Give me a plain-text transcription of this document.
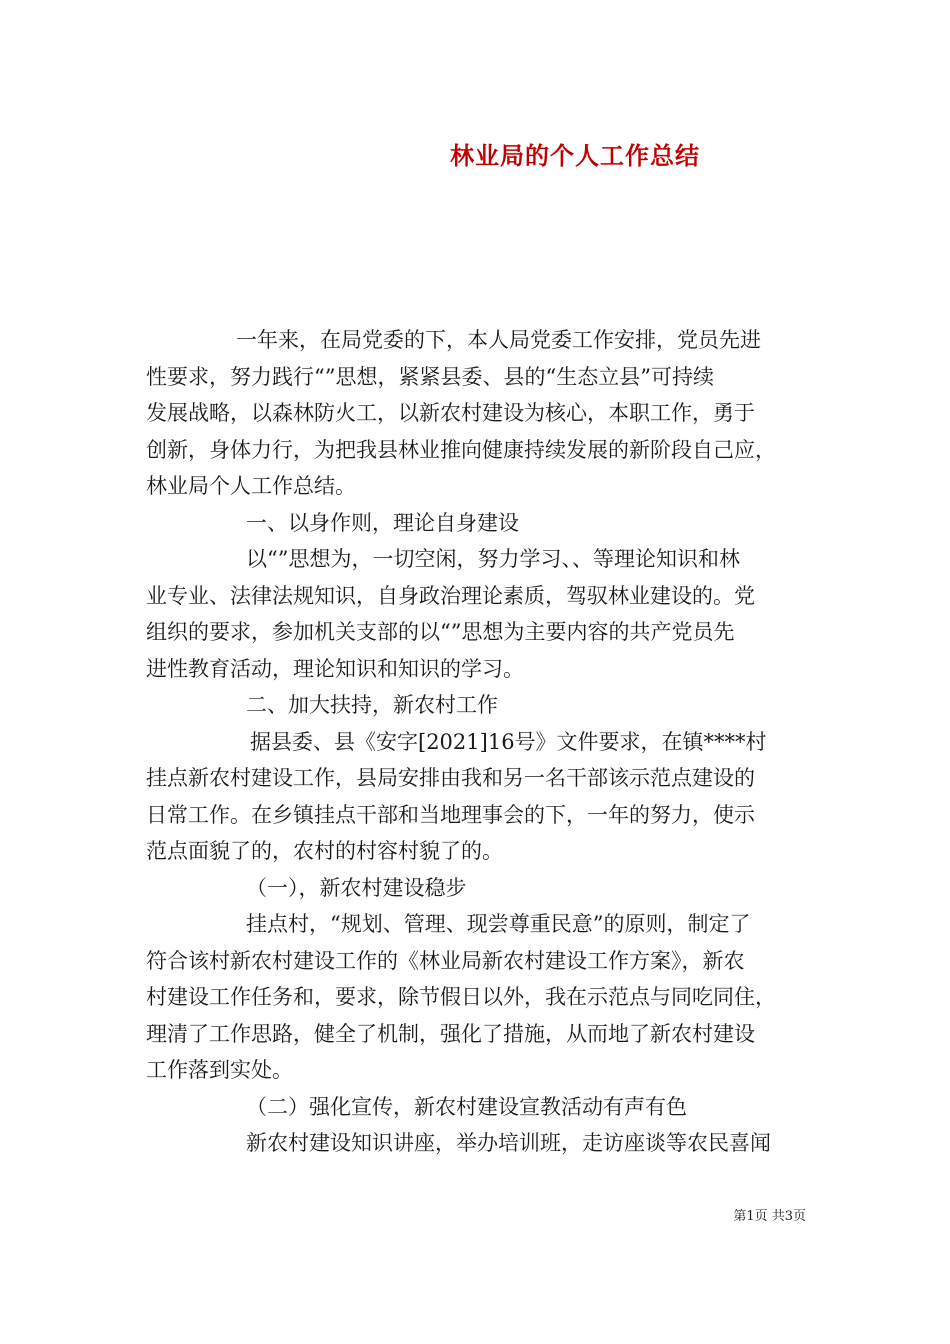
林业局的个人工作总结
一年来，在局党委的下，本人局党委工作安排，党员先进
性要求，努力践行“”思想，紧紧县委、县的“生态立县”可持续
发展战略，以森林防火工，以新农村建设为核心，本职工作，勇于
创新，身体力行，为把我县林业推向健康持续发展的新阶段自己应，
林业局个人工作总结。
一、以身作则，理论自身建设
以“”思想为，一切空闲，努力学习、、等理论知识和林
业专业、法律法规知识，自身政治理论素质，驾驭林业建设的。党
组织的要求，参加机关支部的以“”思想为主要内容的共产党员先
进性教育活动，理论知识和知识的学习。
二、加大扶持，新农村工作
据县委、县《安字[2021]16号》文件要求，在镇****村
挂点新农村建设工作，县局安排由我和另一名干部该示范点建设的
日常工作。在乡镇挂点干部和当地理事会的下，一年的努力，使示
范点面貌了的，农村的村容村貌了的。
（一），新农村建设稳步
挂点村，“规划、管理、现尝尊重民意”的原则，制定了
符合该村新农村建设工作的《林业局新农村建设工作方案》，新农
村建设工作任务和，要求，除节假日以外，我在示范点与同吃同住，
理清了工作思路，健全了机制，强化了措施，从而地了新农村建设
工作落到实处。
（二）强化宣传，新农村建设宣教活动有声有色
新农村建设知识讲座，举办培训班，走访座谈等农民喜闻
第1页 共3页
